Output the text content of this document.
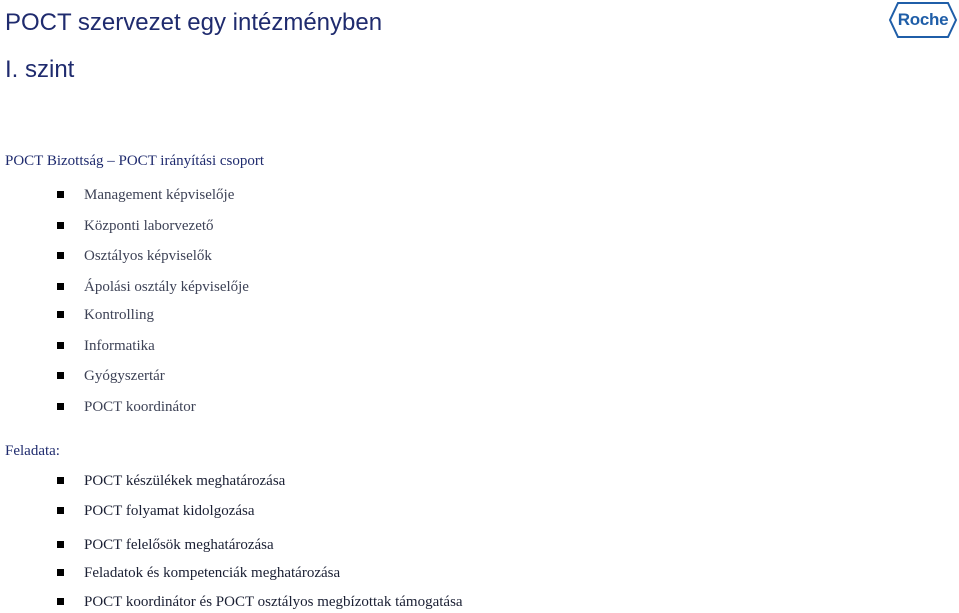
POCT szervezet egy intézményben
I. szint
Roche
POCT Bizottság – POCT irányítási csoport
Management képviselője
Központi laborvezető
Osztályos képviselők
Ápolási osztály képviselője
Kontrolling
Informatika
Gyógyszertár
POCT koordinátor
Feladata:
POCT készülékek meghatározása
POCT folyamat kidolgozása
POCT felelősök meghatározása
Feladatok és kompetenciák meghatározása
POCT koordinátor és POCT osztályos megbízottak támogatása
